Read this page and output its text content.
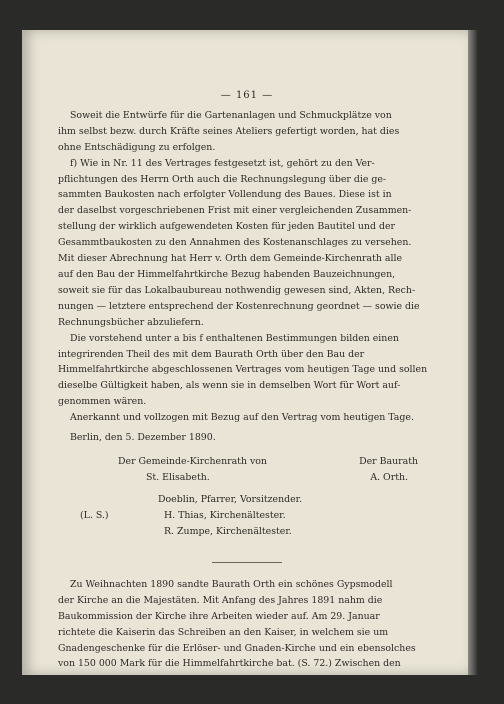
— 161 —

Soweit die Entwürfe für die Gartenanlagen und Schmuckplätze von

ihm selbst bezw. durch Kräfte seines Ateliers gefertigt worden, hat dies

ohne Entschädigung zu erfolgen.

f) Wie in Nr. 11 des Vertrages festgesetzt ist, gehört zu den Ver-

pflichtungen des Herrn Orth auch die Rechnungslegung über die ge-

sammten Baukosten nach erfolgter Vollendung des Baues. Diese ist in

der daselbst vorgeschriebenen Frist mit einer vergleichenden Zusammen-

stellung der wirklich aufgewendeten Kosten für jeden Bautitel und der

Gesammtbaukosten zu den Annahmen des Kostenanschlages zu versehen.

Mit dieser Abrechnung hat Herr v. Orth dem Gemeinde-Kirchenrath alle

auf den Bau der Himmelfahrtkirche Bezug habenden Bauzeichnungen,

soweit sie für das Lokalbaubureau nothwendig gewesen sind, Akten, Rech-

nungen — letztere entsprechend der Kostenrechnung geordnet — sowie die

Rechnungsbücher abzuliefern.

Die vorstehend unter a bis f enthaltenen Bestimmungen bilden einen

integrirenden Theil des mit dem Baurath Orth über den Bau der

Himmelfahrtkirche abgeschlossenen Vertrages vom heutigen Tage und sollen

dieselbe Gültigkeit haben, als wenn sie in demselben Wort für Wort auf-

genommen wären.

Anerkannt und vollzogen mit Bezug auf den Vertrag vom heutigen Tage.

Berlin, den 5. Dezember 1890.

Der Gemeinde-Kirchenrath von	Der Baurath
St. Elisabeth.	A. Orth.
(L. S.)
Doeblin, Pfarrer, Vorsitzender.
H. Thias, Kirchenältester.
R. Zumpe, Kirchenältester.

Zu Weihnachten 1890 sandte Baurath Orth ein schönes Gypsmodell

der Kirche an die Majestäten. Mit Anfang des Jahres 1891 nahm die

Baukommission der Kirche ihre Arbeiten wieder auf. Am 29. Januar

richtete die Kaiserin das Schreiben an den Kaiser, in welchem sie um

Gnadengeschenke für die Erlöser- und Gnaden-Kirche und ein ebensolches

von 150 000 Mark für die Himmelfahrtkirche bat. (S. 72.) Zwischen den

21

Baubehörden und dem Baumeister entstanden von Neuem Meinungs-
